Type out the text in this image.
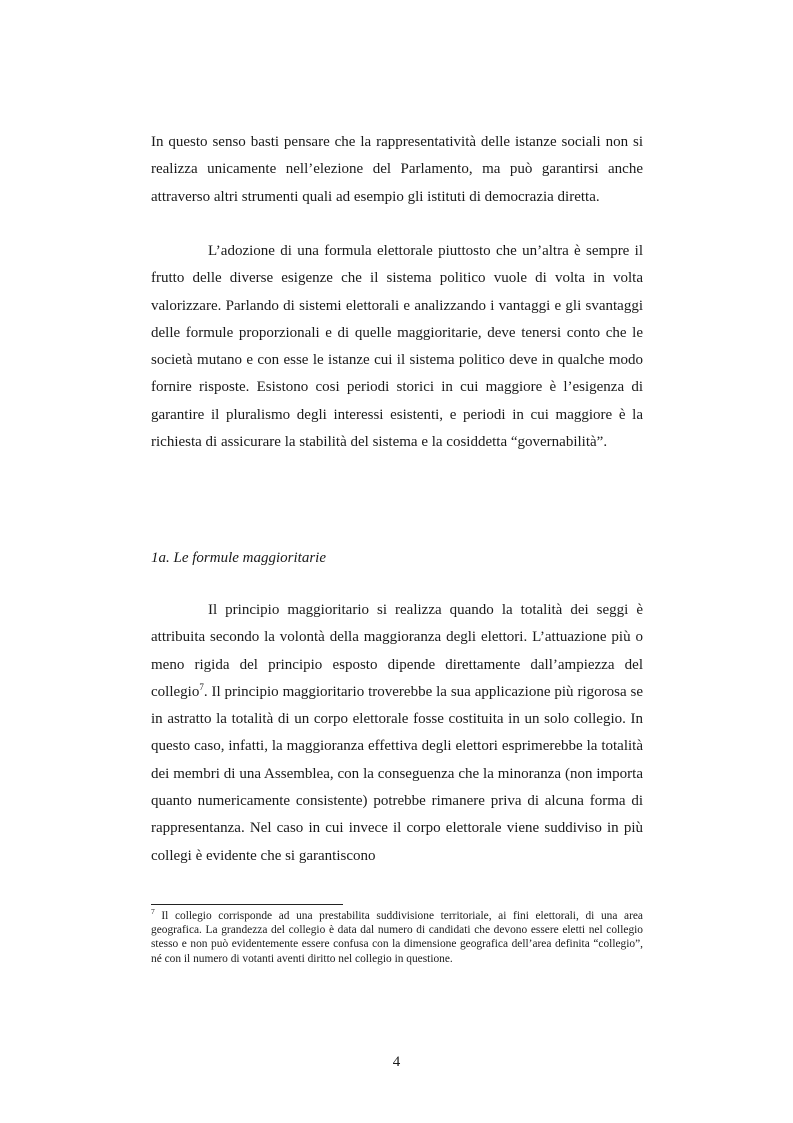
In questo senso basti pensare che la rappresentatività delle istanze sociali non si realizza unicamente nell’elezione del Parlamento, ma può garantirsi anche attraverso altri strumenti quali ad esempio gli istituti di democrazia diretta.

L’adozione di una formula elettorale piuttosto che un’altra è sempre il frutto delle diverse esigenze che il sistema politico vuole di volta in volta valorizzare. Parlando di sistemi elettorali e analizzando i vantaggi e gli svantaggi delle formule proporzionali e di quelle maggioritarie, deve tenersi conto che le società mutano e con esse le istanze cui il sistema politico deve in qualche modo fornire risposte. Esistono cosi periodi storici in cui maggiore è l’esigenza di garantire il pluralismo degli interessi esistenti, e periodi in cui maggiore è la richiesta di assicurare la stabilità del sistema e la cosiddetta “governabilità”.

1a. Le formule maggioritarie

Il principio maggioritario si realizza quando la totalità dei seggi è attribuita secondo la volontà della maggioranza degli elettori. L’attuazione più o meno rigida del principio esposto dipende direttamente dall’ampiezza del collegio$^7$. Il principio maggioritario troverebbe la sua applicazione più rigorosa se in astratto la totalità di un corpo elettorale fosse costituita in un solo collegio. In questo caso, infatti, la maggioranza effettiva degli elettori esprimerebbe la totalità dei membri di una Assemblea, con la conseguenza che la minoranza (non importa quanto numericamente consistente) potrebbe rimanere priva di alcuna forma di rappresentanza. Nel caso in cui invece il corpo elettorale viene suddiviso in più collegi è evidente che si garantiscono

$^7$ Il collegio corrisponde ad una prestabilita suddivisione territoriale, ai fini elettorali, di una area geografica. La grandezza del collegio è data dal numero di candidati che devono essere eletti nel collegio stesso e non può evidentemente essere confusa con la dimensione geografica dell’area definita “collegio”, né con il numero di votanti aventi diritto nel collegio in questione.

4
